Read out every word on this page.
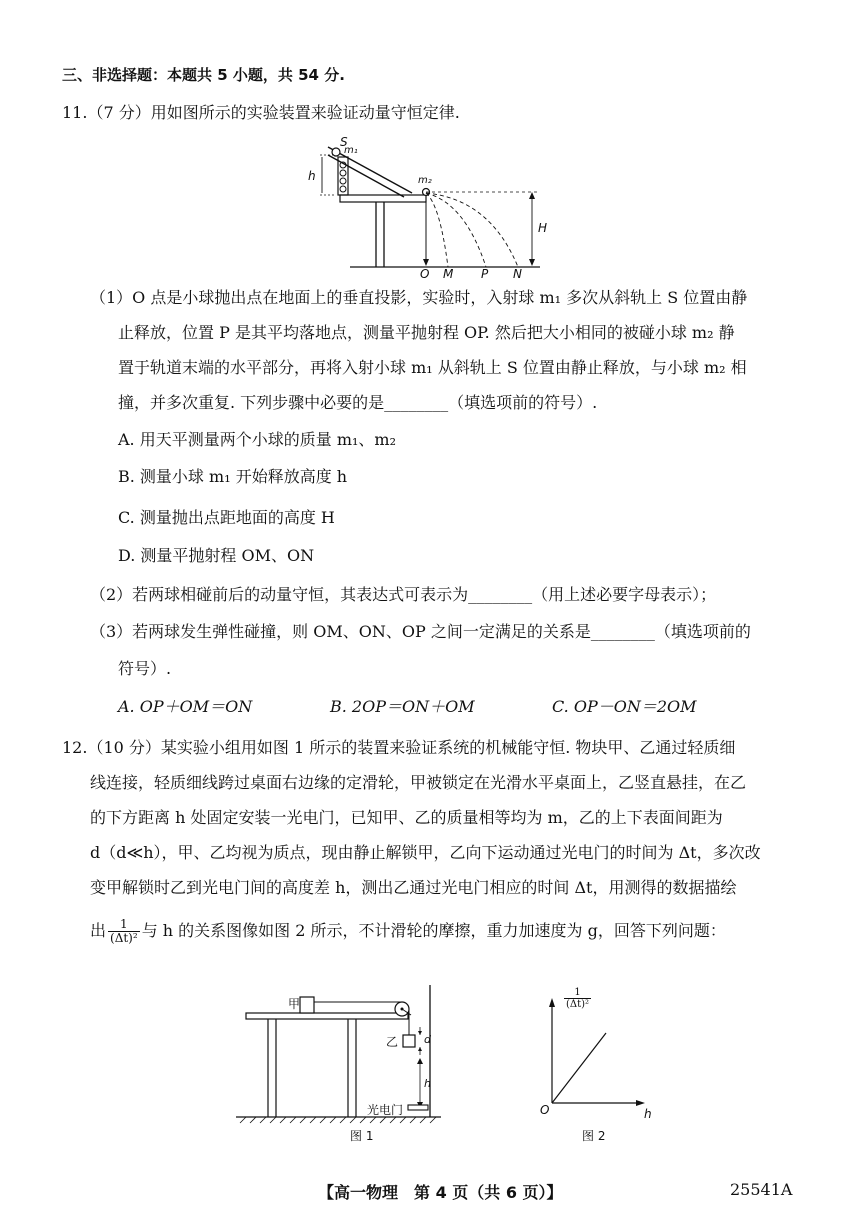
三、非选择题：本题共 5 小题，共 54 分.
11.（7 分）用如图所示的实验装置来验证动量守恒定律.
S
m₁
h	m₂
H
O M P N
（1）O 点是小球抛出点在地面上的垂直投影，实验时，入射球 m₁ 多次从斜轨上 S 位置由静
止释放，位置 P 是其平均落地点，测量平抛射程 OP. 然后把大小相同的被碰小球 m₂ 静
置于轨道末端的水平部分，再将入射小球 m₁ 从斜轨上 S 位置由静止释放，与小球 m₂ 相
撞，并多次重复. 下列步骤中必要的是________（填选项前的符号）.
A. 用天平测量两个小球的质量 m₁、m₂
B. 测量小球 m₁ 开始释放高度 h
C. 测量抛出点距地面的高度 H
D. 测量平抛射程 OM、ON
（2）若两球相碰前后的动量守恒，其表达式可表示为________（用上述必要字母表示）；
（3）若两球发生弹性碰撞，则 OM、ON、OP 之间一定满足的关系是________（填选项前的
符号）.
A. OP＋OM＝ON	B. 2OP＝ON＋OM	C. OP－ON＝2OM
12.（10 分）某实验小组用如图 1 所示的装置来验证系统的机械能守恒. 物块甲、乙通过轻质细
线连接，轻质细线跨过桌面右边缘的定滑轮，甲被锁定在光滑水平桌面上，乙竖直悬挂，在乙
的下方距离 h 处固定安装一光电门，已知甲、乙的质量相等均为 m，乙的上下表面间距为
d（d≪h），甲、乙均视为质点，现由静止解锁甲，乙向下运动通过光电门的时间为 Δt，多次改
变甲解锁时乙到光电门间的高度差 h，测出乙通过光电门相应的时间 Δt，用测得的数据描绘
出 $\frac{1}{\text{(Δt)²}}$ 与 h 的关系图像如图 2 所示，不计滑轮的摩擦，重力加速度为 g，回答下列问题：
甲
乙 d
h
光电门
图 1
$\frac{1}{\text{(Δt)²}}$
O	h
图 2
【高一物理　第 4 页（共 6 页）】	25541A
